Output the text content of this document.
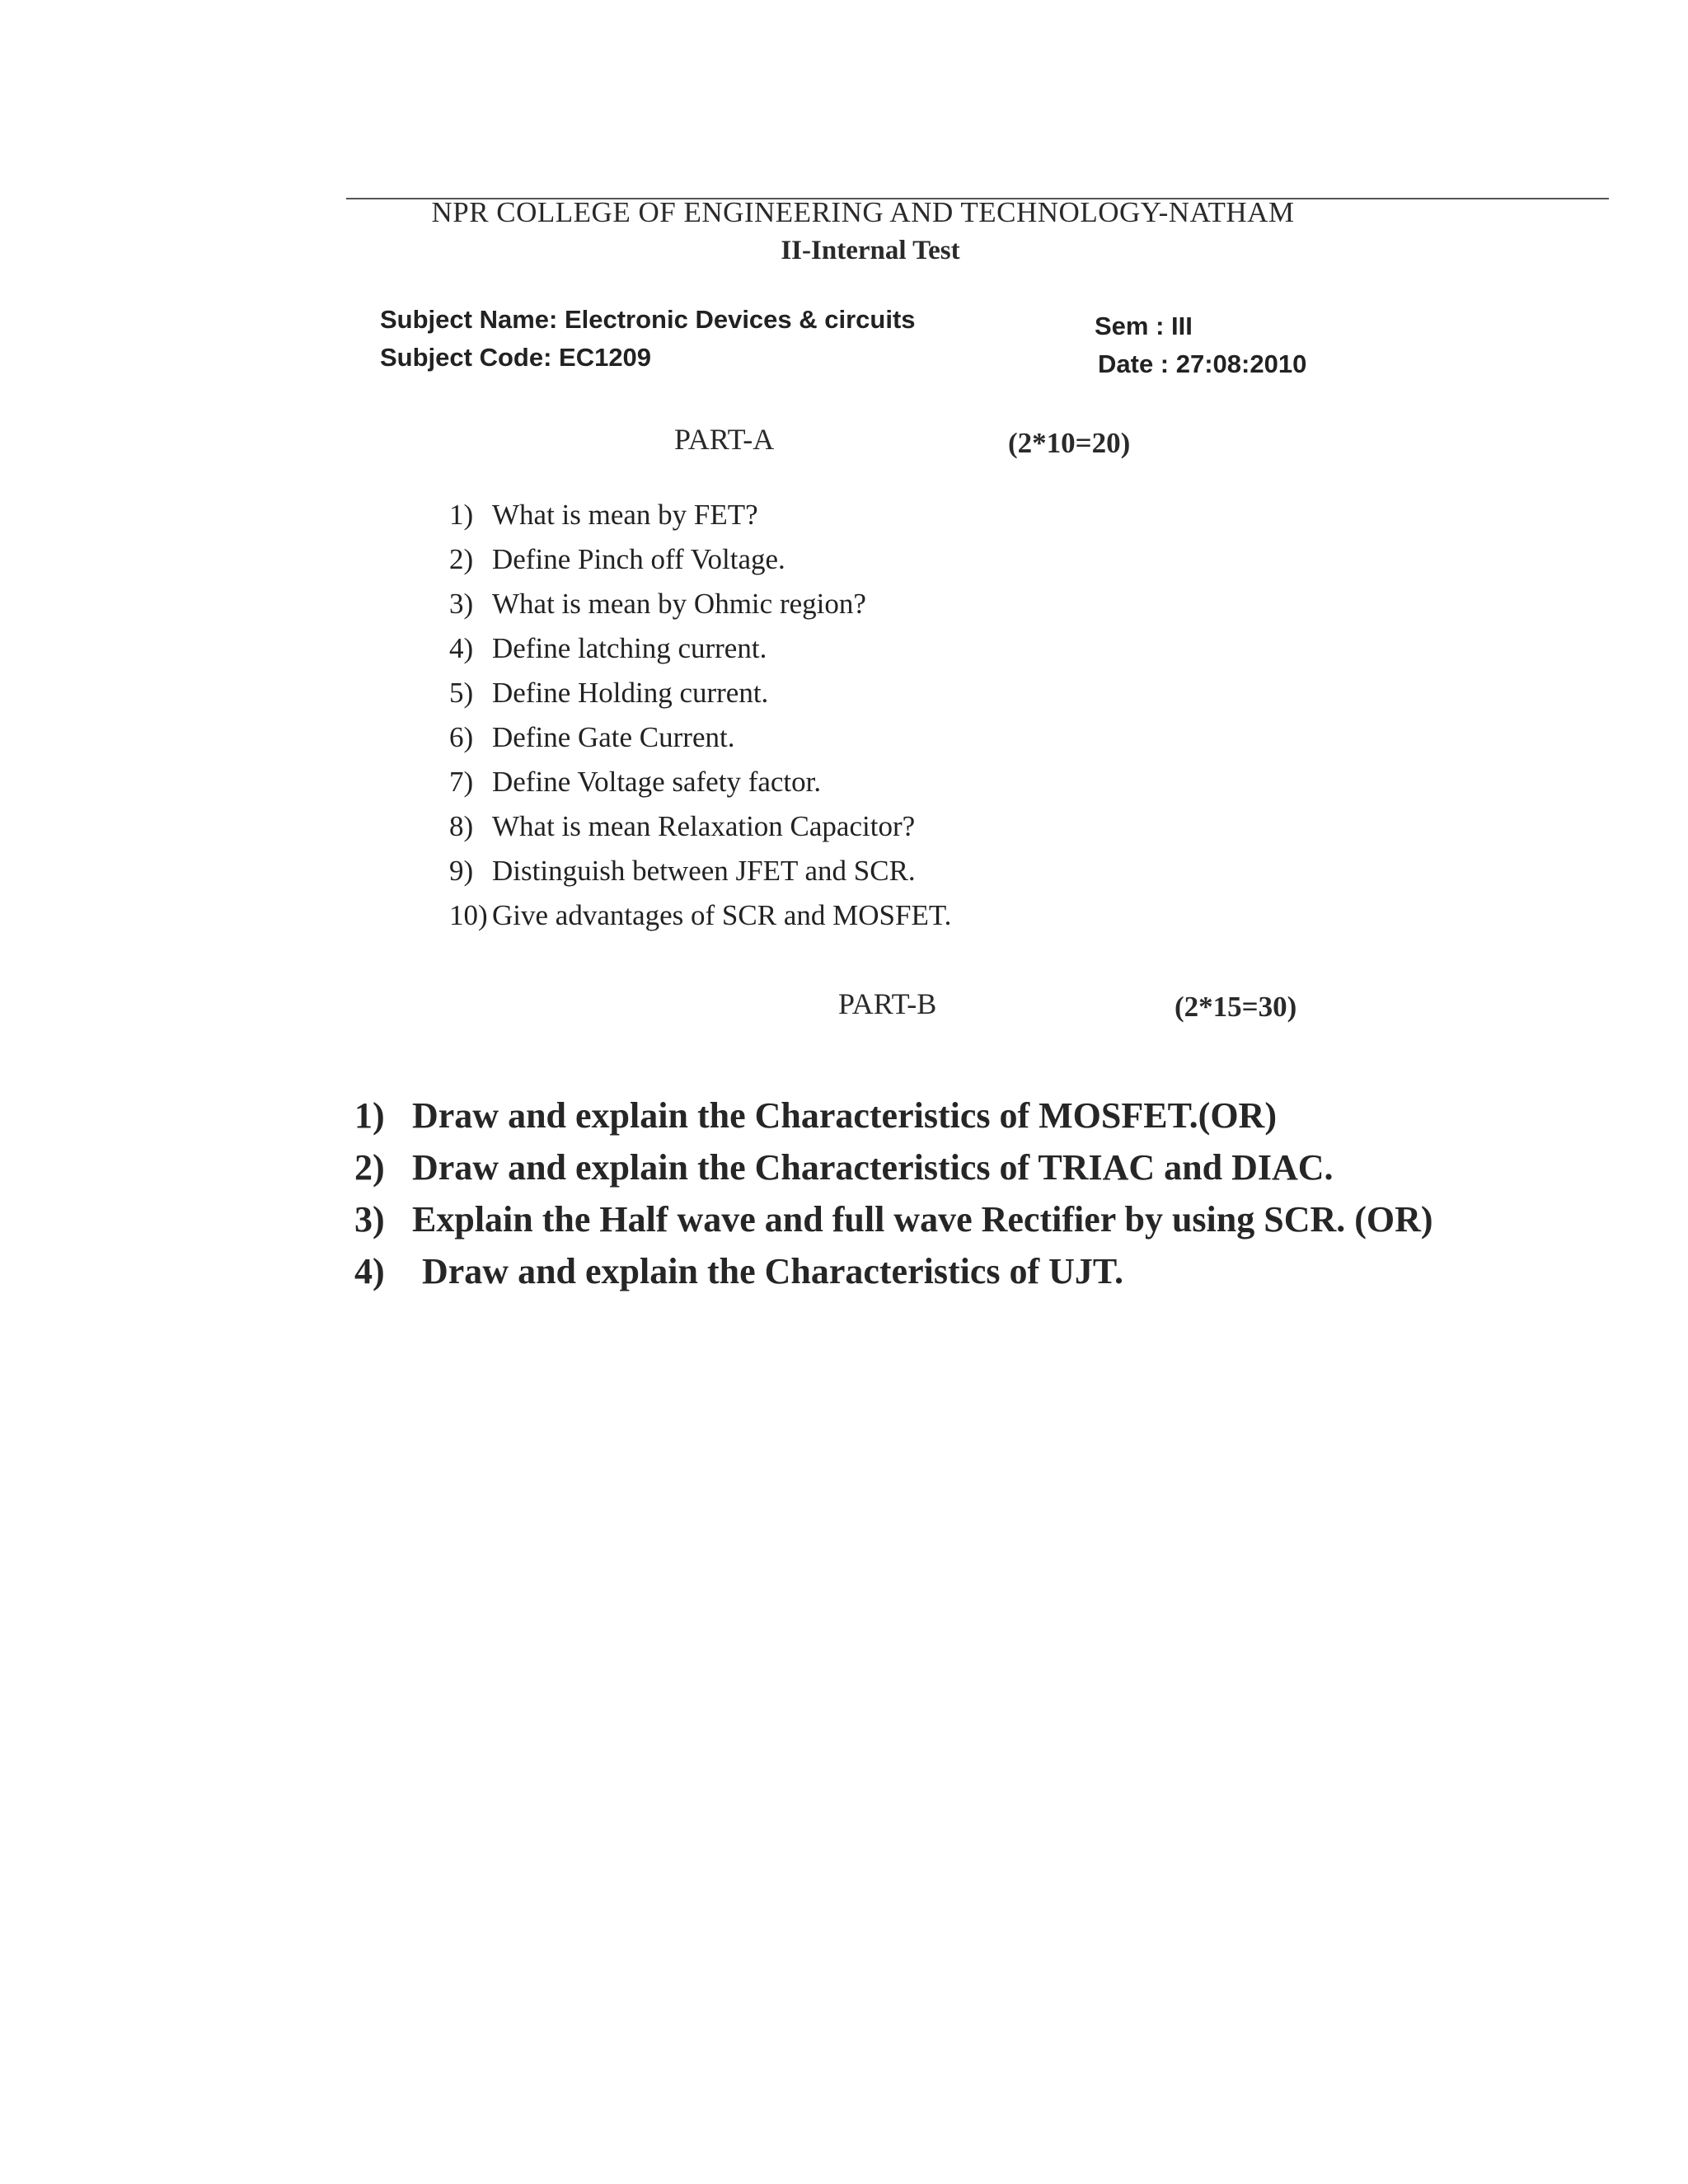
NPR COLLEGE OF ENGINEERING AND TECHNOLOGY-NATHAM
II-Internal Test
Subject Name: Electronic Devices & circuits
Subject Code: EC1209
Sem : III
Date : 27:08:2010
PART-A	(2*10=20)
1) What is mean by FET?
2) Define Pinch off Voltage.
3) What is mean by Ohmic region?
4) Define latching current.
5) Define Holding current.
6) Define Gate Current.
7) Define Voltage safety factor.
8) What is mean Relaxation Capacitor?
9) Distinguish between JFET and SCR.
10) Give advantages of SCR and MOSFET.
PART-B	(2*15=30)
1) Draw and explain the Characteristics of MOSFET.(OR)
2) Draw and explain the Characteristics of TRIAC and DIAC.
3) Explain the Half wave and full wave Rectifier by using SCR. (OR)
4)	Draw and explain the Characteristics of UJT.
